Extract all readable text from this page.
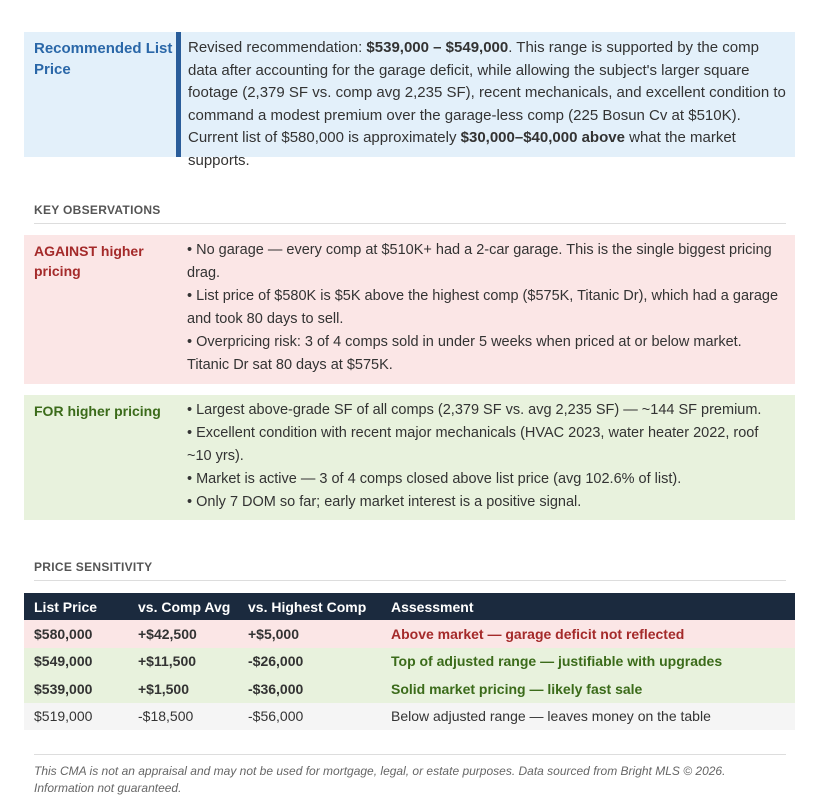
Recommended List Price
Revised recommendation: $539,000 – $549,000. This range is supported by the comp data after accounting for the garage deficit, while allowing the subject's larger square footage (2,379 SF vs. comp avg 2,235 SF), recent mechanicals, and excellent condition to command a modest premium over the garage-less comp (225 Bosun Cv at $510K). Current list of $580,000 is approximately $30,000–$40,000 above what the market supports.
KEY OBSERVATIONS
AGAINST higher pricing
• No garage — every comp at $510K+ had a 2-car garage. This is the single biggest pricing drag.
• List price of $580K is $5K above the highest comp ($575K, Titanic Dr), which had a garage and took 80 days to sell.
• Overpricing risk: 3 of 4 comps sold in under 5 weeks when priced at or below market. Titanic Dr sat 80 days at $575K.
FOR higher pricing	• Largest above-grade SF of all comps (2,379 SF vs. avg 2,235 SF) — ~144 SF premium.
• Excellent condition with recent major mechanicals (HVAC 2023, water heater 2022, roof ~10 yrs).
• Market is active — 3 of 4 comps closed above list price (avg 102.6% of list).
• Only 7 DOM so far; early market interest is a positive signal.
PRICE SENSITIVITY
List Price	vs. Comp Avg	vs. Highest Comp	Assessment
$580,000	+$42,500	+$5,000	Above market — garage deficit not reflected
$549,000	+$11,500	-$26,000	Top of adjusted range — justifiable with upgrades
$539,000	+$1,500	-$36,000	Solid market pricing — likely fast sale
$519,000	-$18,500	-$56,000	Below adjusted range — leaves money on the table
This CMA is not an appraisal and may not be used for mortgage, legal, or estate purposes. Data sourced from Bright MLS © 2026. Information not guaranteed.
